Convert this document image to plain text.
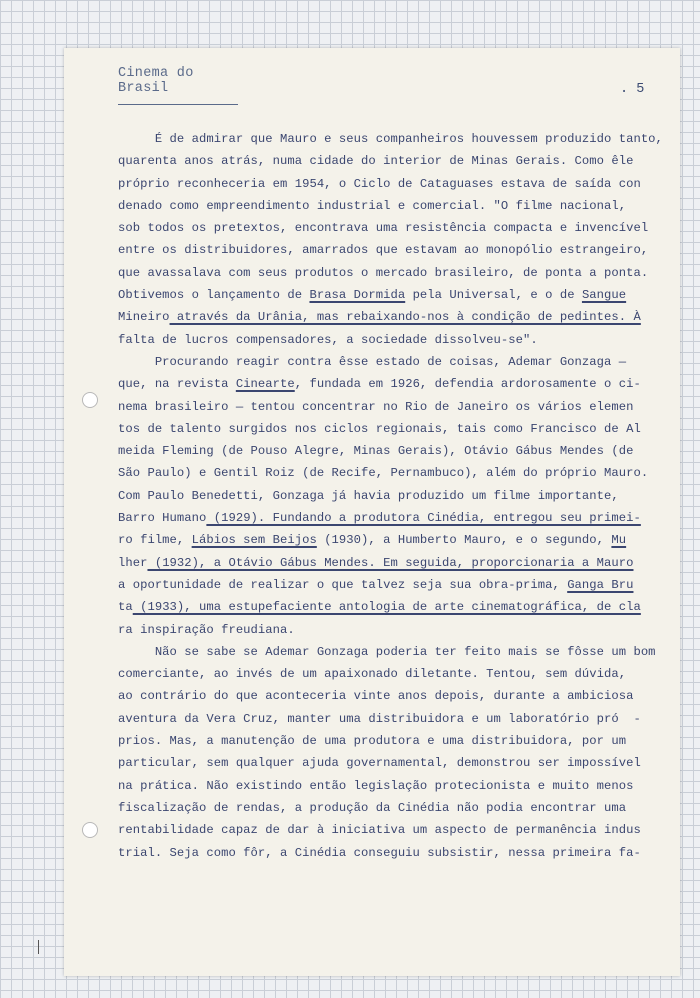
Cinema do Brasil	. 5
É de admirar que Mauro e seus companheiros houvessem produzido tanto,
quarenta anos atrás, numa cidade do interior de Minas Gerais. Como êle
próprio reconheceria em 1954, o Ciclo de Cataguases estava de saída con
denado como empreendimento industrial e comercial. "O filme nacional,
sob todos os pretextos, encontrava uma resistência compacta e invencível
entre os distribuidores, amarrados que estavam ao monopólio estrangeiro,
que avassalava com seus produtos o mercado brasileiro, de ponta a ponta.
Obtivemos o lançamento de Brasa Dormida pela Universal, e o de Sangue
Mineiro através da Urânia, mas rebaixando-nos à condição de pedintes. À
falta de lucros compensadores, a sociedade dissolveu-se".
Procurando reagir contra êsse estado de coisas, Ademar Gonzaga —
que, na revista Cinearte, fundada em 1926, defendia ardorosamente o ci-
nema brasileiro — tentou concentrar no Rio de Janeiro os vários elemen
tos de talento surgidos nos ciclos regionais, tais como Francisco de Al
meida Fleming (de Pouso Alegre, Minas Gerais), Otávio Gábus Mendes (de
São Paulo) e Gentil Roiz (de Recife, Pernambuco), além do próprio Mauro.
Com Paulo Benedetti, Gonzaga já havia produzido um filme importante,
Barro Humano (1929). Fundando a produtora Cinédia, entregou seu primei-
ro filme, Lábios sem Beijos (1930), a Humberto Mauro, e o segundo, Mu
lher (1932), a Otávio Gábus Mendes. Em seguida, proporcionaria a Mauro
a oportunidade de realizar o que talvez seja sua obra-prima, Ganga Bru
ta (1933), uma estupefaciente antologia de arte cinematográfica, de cla
ra inspiração freudiana.
Não se sabe se Ademar Gonzaga poderia ter feito mais se fôsse um bom
comerciante, ao invés de um apaixonado diletante. Tentou, sem dúvida,
ao contrário do que aconteceria vinte anos depois, durante a ambiciosa
aventura da Vera Cruz, manter uma distribuidora e um laboratório pró  -
prios. Mas, a manutenção de uma produtora e uma distribuidora, por um
particular, sem qualquer ajuda governamental, demonstrou ser impossível
na prática. Não existindo então legislação protecionista e muito menos
fiscalização de rendas, a produção da Cinédia não podia encontrar uma
rentabilidade capaz de dar à iniciativa um aspecto de permanência indus
trial. Seja como fôr, a Cinédia conseguiu subsistir, nessa primeira fa-
